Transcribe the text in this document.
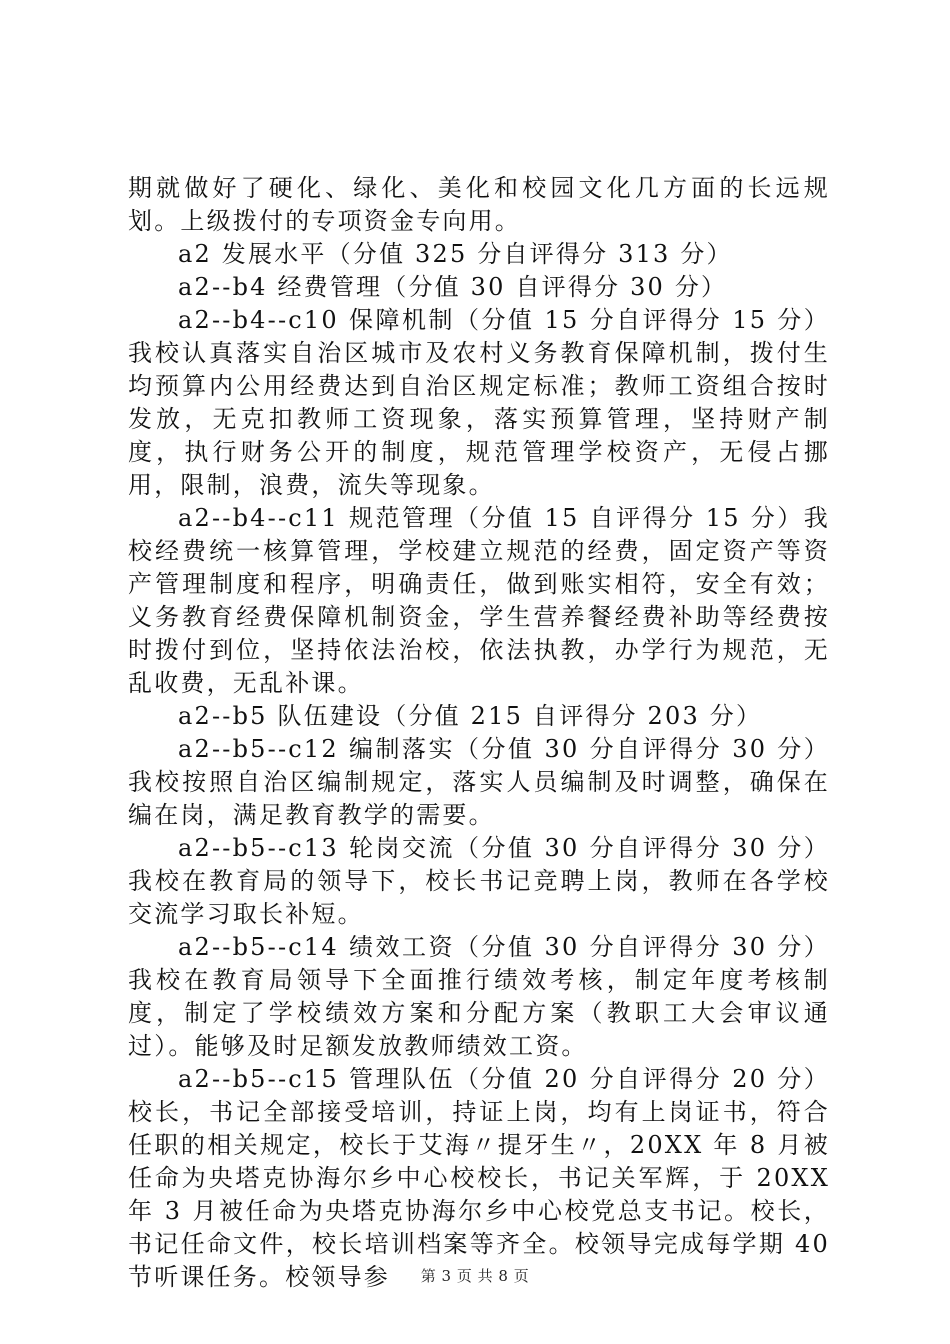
期就做好了硬化、绿化、美化和校园文化几方面的长远规划。上级拨付的专项资金专向用。

a2 发展水平（分值 325 分自评得分 313 分）

a2--b4 经费管理（分值 30 自评得分 30 分）

a2--b4--c10 保障机制（分值 15 分自评得分 15 分）我校认真落实自治区城市及农村义务教育保障机制，拨付生均预算内公用经费达到自治区规定标准；教师工资组合按时发放，无克扣教师工资现象，落实预算管理，坚持财产制度，执行财务公开的制度，规范管理学校资产，无侵占挪用，限制，浪费，流失等现象。

a2--b4--c11 规范管理（分值 15 自评得分 15 分）我校经费统一核算管理，学校建立规范的经费，固定资产等资产管理制度和程序，明确责任，做到账实相符，安全有效；义务教育经费保障机制资金，学生营养餐经费补助等经费按时拨付到位，坚持依法治校，依法执教，办学行为规范，无乱收费，无乱补课。

a2--b5 队伍建设（分值 215 自评得分 203 分）

a2--b5--c12 编制落实（分值 30 分自评得分 30 分）我校按照自治区编制规定，落实人员编制及时调整，确保在编在岗，满足教育教学的需要。

a2--b5--c13 轮岗交流（分值 30 分自评得分 30 分）我校在教育局的领导下，校长书记竞聘上岗，教师在各学校交流学习取长补短。

a2--b5--c14 绩效工资（分值 30 分自评得分 30 分）我校在教育局领导下全面推行绩效考核，制定年度考核制度，制定了学校绩效方案和分配方案（教职工大会审议通过）。能够及时足额发放教师绩效工资。

a2--b5--c15 管理队伍（分值 20 分自评得分 20 分）校长，书记全部接受培训，持证上岗，均有上岗证书，符合任职的相关规定，校长于艾海〃提牙生〃，20XX 年 8 月被任命为央塔克协海尔乡中心校校长，书记关军辉，于 20XX 年 3 月被任命为央塔克协海尔乡中心校党总支书记。校长，书记任命文件，校长培训档案等齐全。校领导完成每学期 40 节听课任务。校领导参	第 3 页 共 8 页
